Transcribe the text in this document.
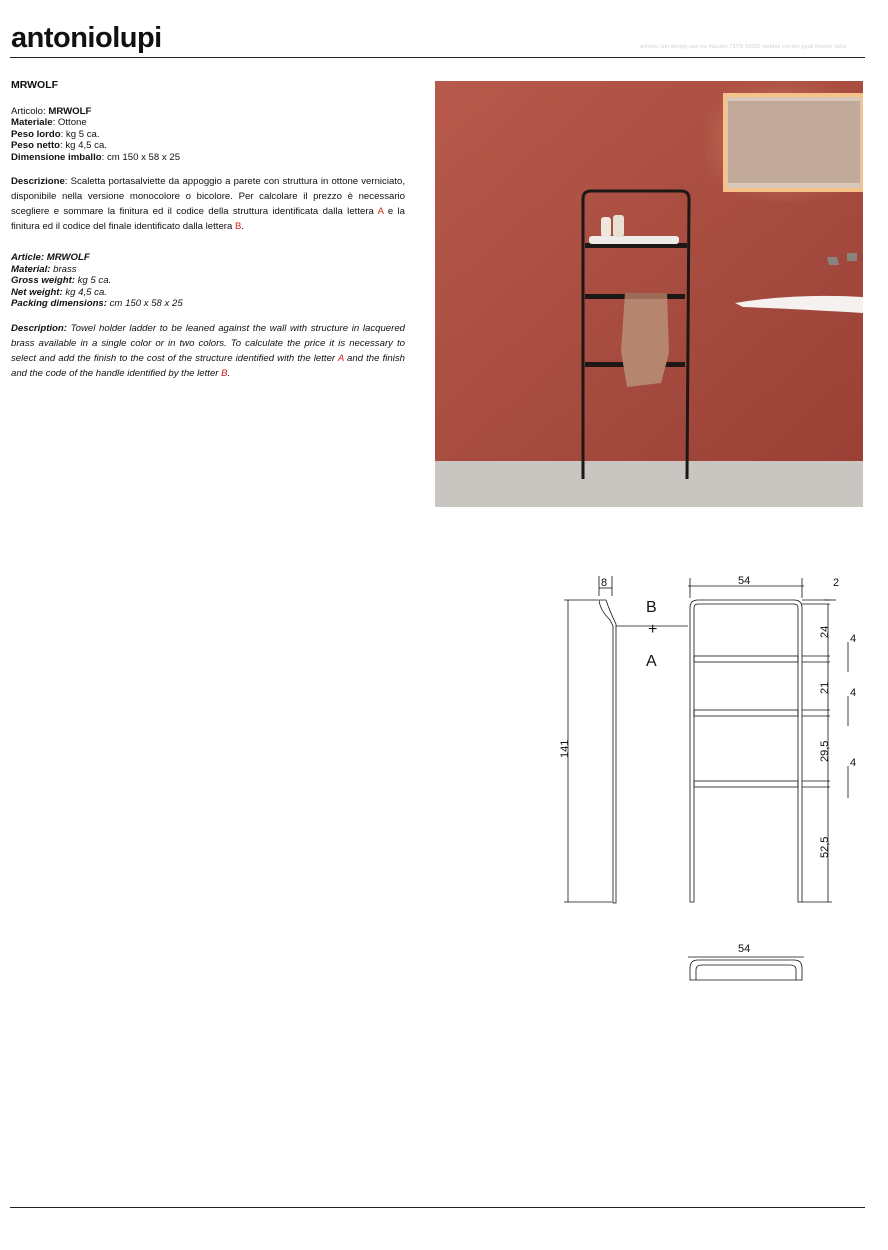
antoniolupi	antonio lupi design spa via mazzini 73/75 50050 stabbia cerreto guidi firenze italia
MRWOLF

Articolo: MRWOLF

Materiale: Ottone

Peso lordo: kg 5 ca.

Peso netto: kg 4,5 ca.

Dimensione imballo: cm 150 x 58 x 25

Descrizione: Scaletta portasalviette da appoggio a parete con struttura in ottone verniciato, disponibile nella versione monocolore o bicolore. Per calcolare il prezzo è necessario scegliere e sommare la finitura ed il codice della struttura identificata dalla lettera A e la finitura ed il codice del finale identificato dalla lettera B.

Article: MRWOLF

Material: brass

Gross weight: kg 5 ca.

Net weight: kg 4,5 ca.

Packing dimensions: cm 150 x 58 x 25

Description: Towel holder ladder to be leaned against the wall with structure in lacquered brass available in a single color or in two colors. To calculate the price it is necessary to select and add the finish to the cost of the structure identified with the letter A and the finish and the code of the handle identified by the letter B.

8	54	2
B
+
A
141
24
21
29,5
52,5
4
4
4
54
